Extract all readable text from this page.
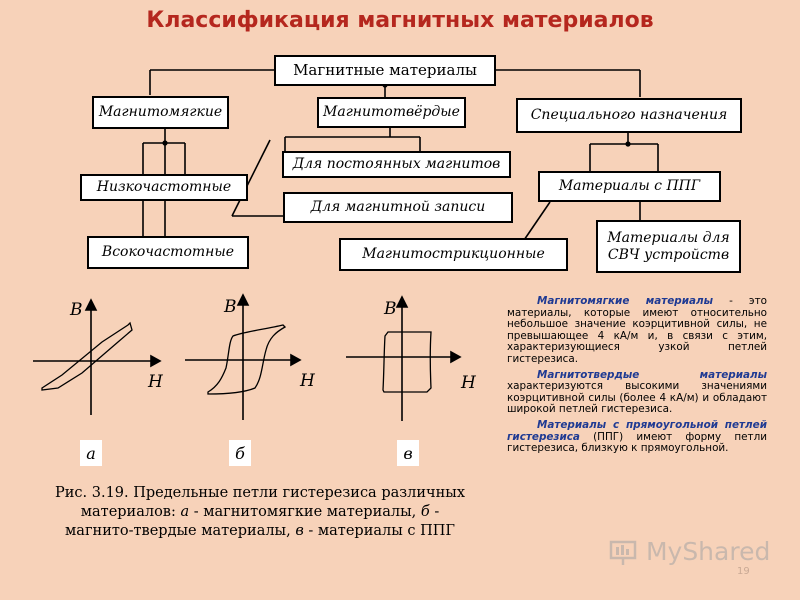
Классификация магнитных материалов
Магнитные материалы
Магнитомягкие	Магнитотвёрдые	Специального назначения
Низкочастотные
Всокочастотные
Для постоянных магнитов
Для магнитной записи
Магнитострикционные
Материалы с ППГ
Материалы для СВЧ устройств
B
H
B
H
B
H
а	б	в
Рис. 3.19. Предельные петли гистерезиса различных материалов: а - магнитомягкие материалы, б - магнито-твердые материалы, в - материалы с ППГ

Магнитомягкие материалы - это материалы, которые имеют относительно небольшое значение коэрцитивной силы, не превышающее 4 кА/м и, в связи с этим, характеризующиеся узкой петлей гистерезиса.

Магнитотвердые материалы характеризуются высокими значениями коэрцитивной силы (более 4 кА/м) и обладают широкой петлей гистерезиса.

Материалы с прямоугольной петлей гистерезиса (ППГ) имеют форму петли гистерезиса, близкую к прямоугольной.

MyShared
19
